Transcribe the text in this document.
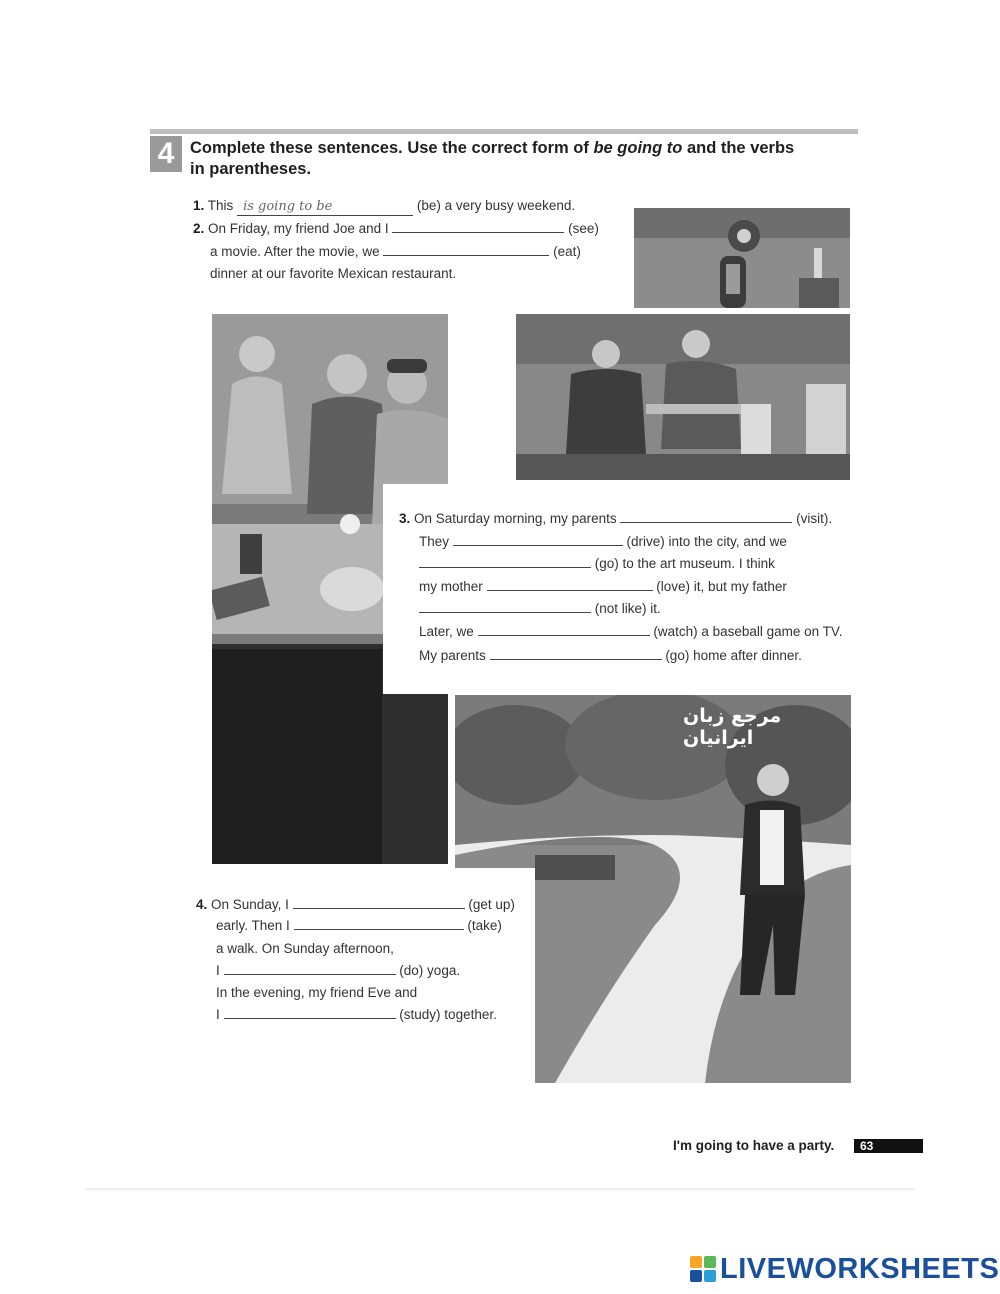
4 Complete these sentences. Use the correct form of be going to and the verbs
in parentheses.
1. This is going to be	(be) a very busy weekend.
2. On Friday, my friend Joe and I	(see)
a movie. After the movie, we	(eat)
dinner at our favorite Mexican restaurant.
3. On Saturday morning, my parents	(visit).
They	(drive) into the city, and we
(go) to the art museum. I think
my mother	(love) it, but my father
(not like) it.
Later, we	(watch) a baseball game on TV.
My parents	(go) home after dinner.
مرجع زبان ایرانیان
4. On Sunday, I	(get up)
early. Then I	(take)
a walk. On Sunday afternoon,
I	(do) yoga.
In the evening, my friend Eve and
I	(study) together.
I'm going to have a party.	63
LIVEWORKSHEETS
